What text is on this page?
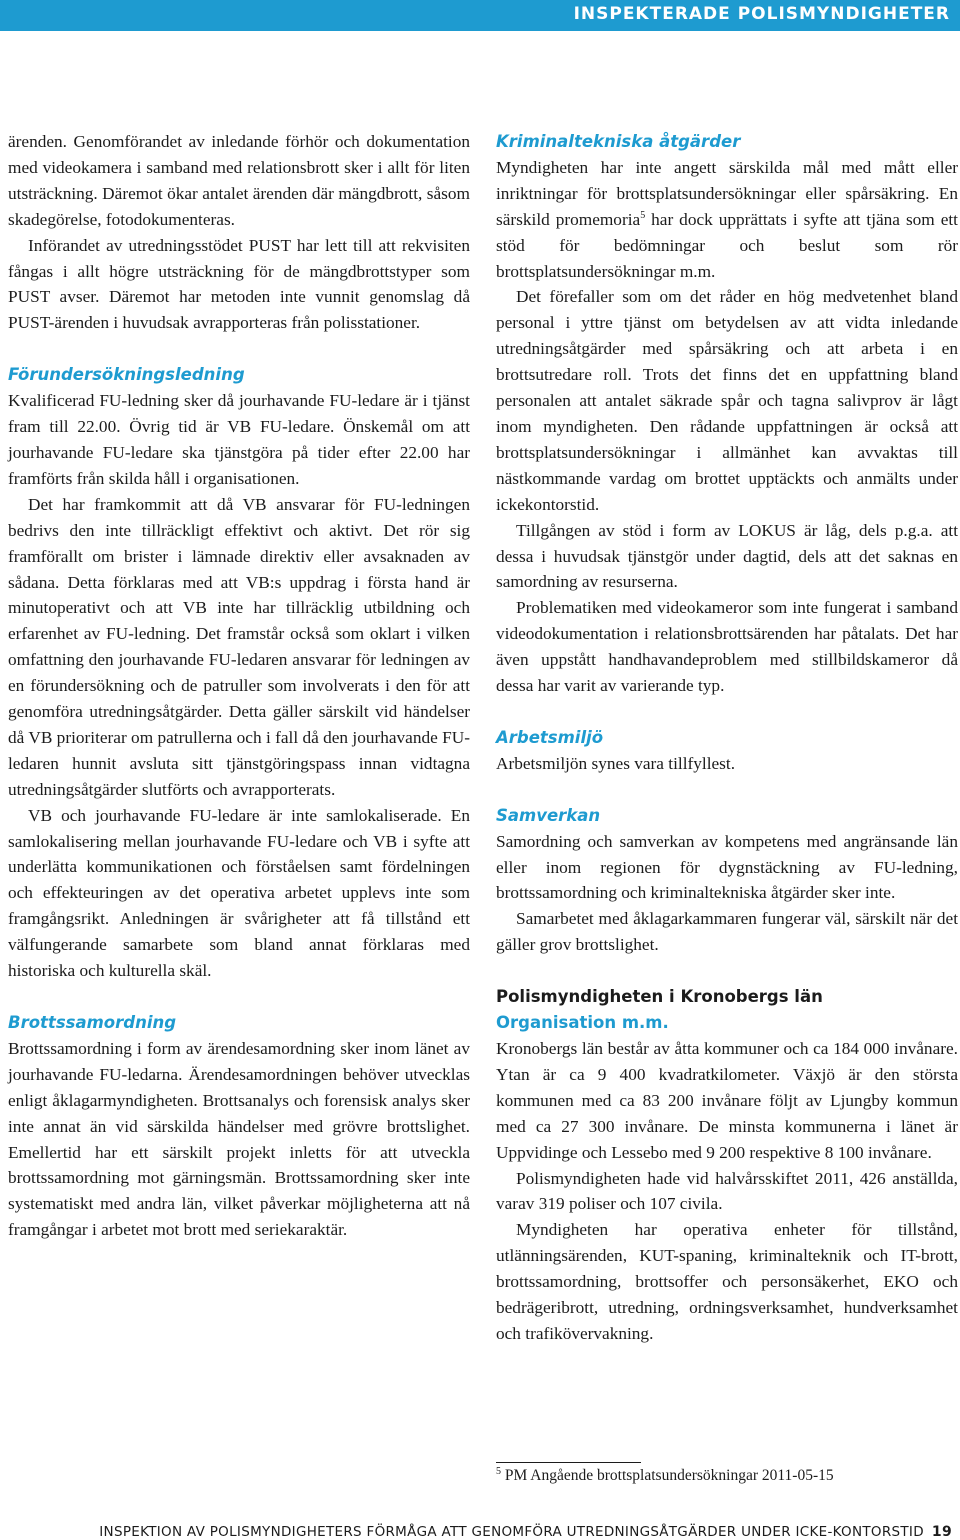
INSPEKTERADE POLISMYNDIGHETER

ärenden. Genomförandet av inledande förhör och dokumentation med videokamera i samband med relationsbrott sker i allt för liten utsträckning. Däremot ökar antalet ärenden där mängdbrott, såsom skadegörelse, fotodokumenteras.

Införandet av utredningsstödet PUST har lett till att rekvisiten fångas i allt högre utsträckning för de mängdbrottstyper som PUST avser. Däremot har metoden inte vunnit genomslag då PUST-ärenden i huvudsak avrapporteras från polisstationer.

Förundersökningsledning

Kvalificerad FU-ledning sker då jourhavande FU-ledare är i tjänst fram till 22.00. Övrig tid är VB FU-ledare. Önskemål om att jourhavande FU-ledare ska tjänstgöra på tider efter 22.00 har framförts från skilda håll i organisationen.

Det har framkommit att då VB ansvarar för FU-ledningen bedrivs den inte tillräckligt effektivt och aktivt. Det rör sig framförallt om brister i lämnade direktiv eller avsaknaden av sådana. Detta förklaras med att VB:s uppdrag i första hand är minutoperativt och att VB inte har tillräcklig utbildning och erfarenhet av FU-ledning. Det framstår också som oklart i vilken omfattning den jourhavande FU-ledaren ansvarar för ledningen av en förundersökning och de patruller som involverats i den för att genomföra utredningsåtgärder. Detta gäller särskilt vid händelser då VB prioriterar om patrullerna och i fall då den jourhavande FU-ledaren hunnit avsluta sitt tjänstgöringspass innan vidtagna utredningsåtgärder slutförts och avrapporterats.

VB och jourhavande FU-ledare är inte samlokaliserade. En samlokalisering mellan jourhavande FU-ledare och VB i syfte att underlätta kommunikationen och förståelsen samt fördelningen och effekteuringen av det operativa arbetet upplevs inte som framgångsrikt. Anledningen är svårigheter att få tillstånd ett välfungerande samarbete som bland annat förklaras med historiska och kulturella skäl.

Brottssamordning

Brottssamordning i form av ärendesamordning sker inom länet av jourhavande FU-ledarna. Ärendesamordningen behöver utvecklas enligt åklagarmyndigheten. Brottsanalys och forensisk analys sker inte annat än vid särskilda händelser med grövre brottslighet. Emellertid har ett särskilt projekt inletts för att utveckla brottssamordning mot gärningsmän. Brottssamordning sker inte systematiskt med andra län, vilket påverkar möjligheterna att nå framgångar i arbetet mot brott med seriekaraktär.

Kriminaltekniska åtgärder

Myndigheten har inte angett särskilda mål med mått eller inriktningar för brottsplatsundersökningar eller spårsäkring. En särskild promemoria$^5$ har dock upprättats i syfte att tjäna som ett stöd för bedömningar och beslut som rör brottsplatsundersökningar m.m.

Det förefaller som om det råder en hög medvetenhet bland personal i yttre tjänst om betydelsen av att vidta inledande utredningsåtgärder med spårsäkring och att arbeta i en brottsutredare roll. Trots det finns det en uppfattning bland personalen att antalet säkrade spår och tagna salivprov är lågt inom myndigheten. Den rådande uppfattningen är också att brottsplatsundersökningar i allmänhet kan avvaktas till nästkommande vardag om brottet upptäckts och anmälts under ickekontorstid.

Tillgången av stöd i form av LOKUS är låg, dels p.g.a. att dessa i huvudsak tjänstgör under dagtid, dels att det saknas en samordning av resurserna.

Problematiken med videokameror som inte fungerat i samband videodokumentation i relationsbrottsärenden har påtalats. Det har även uppstått handhavandeproblem med stillbildskameror då dessa har varit av varierande typ.

Arbetsmiljö

Arbetsmiljön synes vara tillfyllest.

Samverkan

Samordning och samverkan av kompetens med angränsande län eller inom regionen för dygnstäckning av FU-ledning, brottssamordning och kriminaltekniska åtgärder sker inte.

Samarbetet med åklagarkammaren fungerar väl, särskilt när det gäller grov brottslighet.

Polismyndigheten i Kronobergs län
Organisation m.m.

Kronobergs län består av åtta kommuner och ca 184 000 invånare. Ytan är ca 9 400 kvadratkilometer. Växjö är den största kommunen med ca 83 200 invånare följt av Ljungby kommun med ca 27 300 invånare. De minsta kommunerna i länet är Uppvidinge och Lessebo med 9 200 respektive 8 100 invånare.

Polismyndigheten hade vid halvårsskiftet 2011, 426 anställda, varav 319 poliser och 107 civila.

Myndigheten har operativa enheter för tillstånd, utlänningsärenden, KUT-spaning, kriminalteknik och IT-brott, brottssamordning, brottsoffer och personsäkerhet, EKO och bedrägeribrott, utredning, ordningsverksamhet, hundverksamhet och trafikövervakning.

$^5$ PM Angående brottsplatsundersökningar 2011-05-15
INSPEKTION AV POLISMYNDIGHETERS FÖRMÅGA ATT GENOMFÖRA UTREDNINGSÅTGÄRDER UNDER ICKE-KONTORSTID 19
